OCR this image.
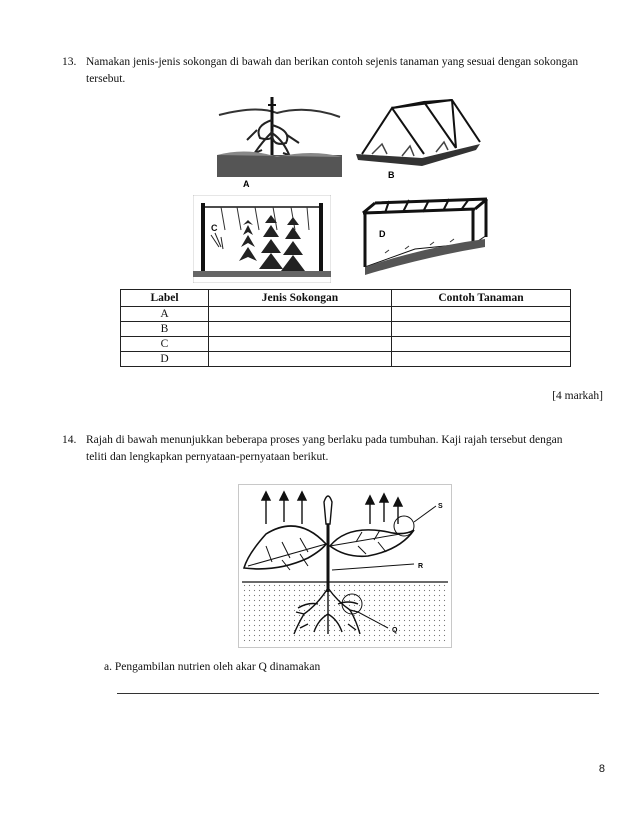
13. Namakan jenis-jenis sokongan di bawah dan berikan contoh sejenis tanaman yang sesuai dengan sokongan tersebut.
A
B
C
D
Label	Jenis Sokongan	Contoh Tanaman
A		
B		
C		
D		
[4 markah]
14. Rajah di bawah menunjukkan beberapa proses yang berlaku pada tumbuhan. Kaji rajah tersebut dengan teliti dan lengkapkan pernyataan-pernyataan berikut.
S
R
Q
a. Pengambilan nutrien oleh akar Q dinamakan
8
